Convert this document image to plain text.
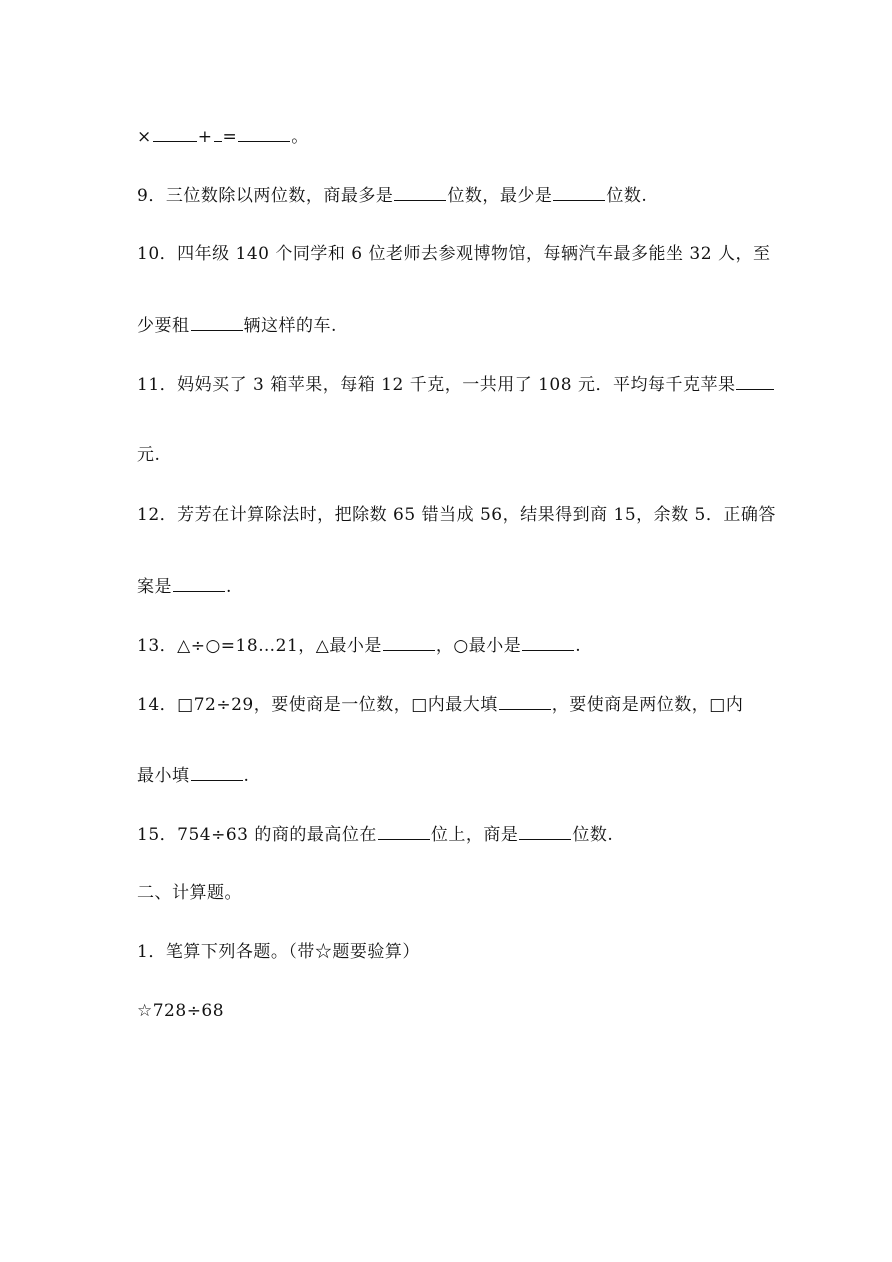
×	+ =	。
9．三位数除以两位数，商最多是	位数，最少是	位数.
10．四年级 140 个同学和 6 位老师去参观博物馆，每辆汽车最多能坐 32 人，至
少要租	辆这样的车.
11．妈妈买了 3 箱苹果，每箱 12 千克，一共用了 108 元．平均每千克苹果
元.
12．芳芳在计算除法时，把除数 65 错当成 56，结果得到商 15，余数 5．正确答
案是	.
13．△÷○=18…21，△最小是	，○最小是	.
14．□72÷29，要使商是一位数，□内最大填	，要使商是两位数，□内
最小填	.
15．754÷63 的商的最高位在	位上，商是	位数.
二、计算题。
1．笔算下列各题。（带☆题要验算）
☆728÷68
